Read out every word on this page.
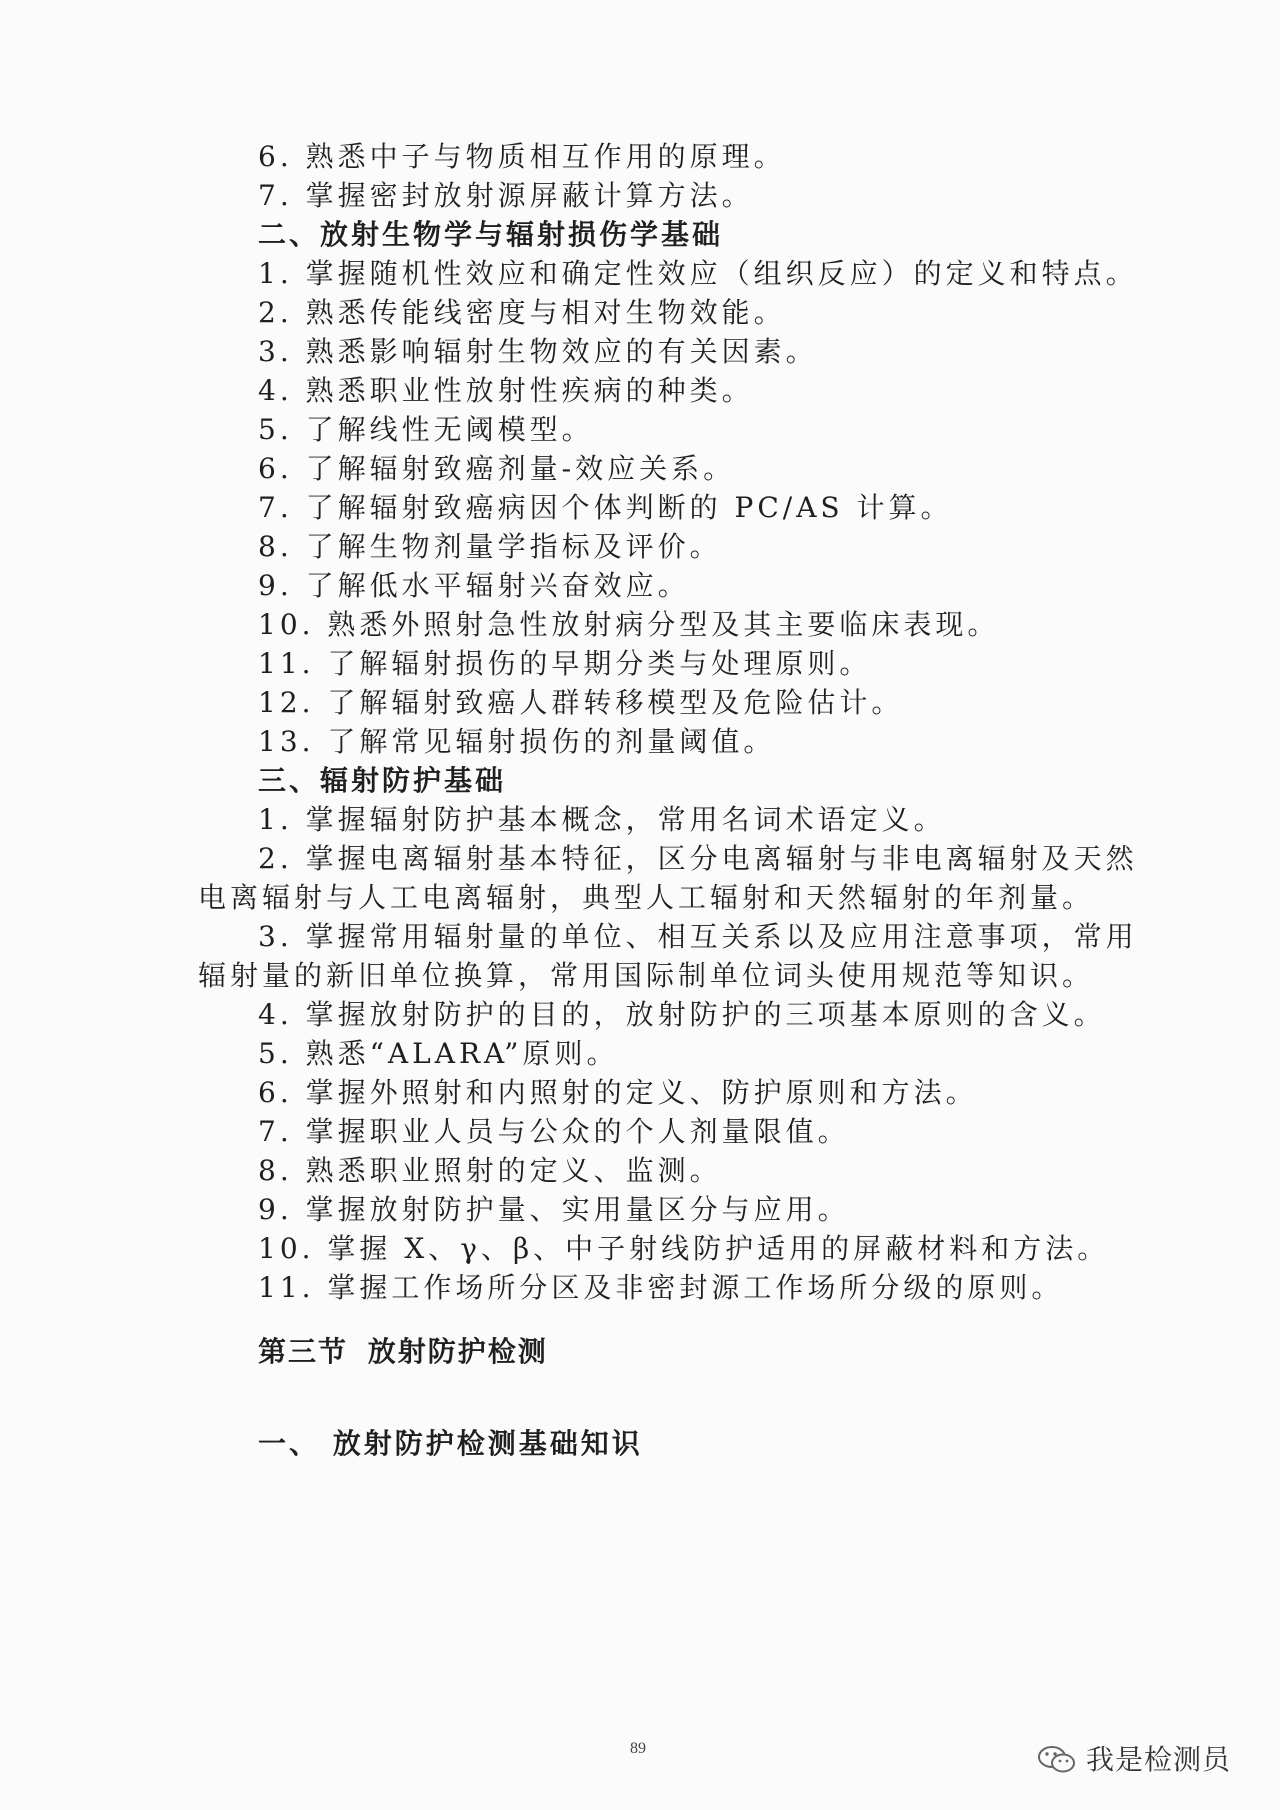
6. 熟悉中子与物质相互作用的原理。
7. 掌握密封放射源屏蔽计算方法。
二、放射生物学与辐射损伤学基础
1. 掌握随机性效应和确定性效应（组织反应）的定义和特点。
2. 熟悉传能线密度与相对生物效能。
3. 熟悉影响辐射生物效应的有关因素。
4. 熟悉职业性放射性疾病的种类。
5. 了解线性无阈模型。
6. 了解辐射致癌剂量-效应关系。
7. 了解辐射致癌病因个体判断的 PC/AS 计算。
8. 了解生物剂量学指标及评价。
9. 了解低水平辐射兴奋效应。
10. 熟悉外照射急性放射病分型及其主要临床表现。
11. 了解辐射损伤的早期分类与处理原则。
12. 了解辐射致癌人群转移模型及危险估计。
13. 了解常见辐射损伤的剂量阈值。
三、辐射防护基础
1. 掌握辐射防护基本概念，常用名词术语定义。
2. 掌握电离辐射基本特征，区分电离辐射与非电离辐射及天然
电离辐射与人工电离辐射，典型人工辐射和天然辐射的年剂量。
3. 掌握常用辐射量的单位、相互关系以及应用注意事项，常用
辐射量的新旧单位换算，常用国际制单位词头使用规范等知识。
4. 掌握放射防护的目的，放射防护的三项基本原则的含义。
5. 熟悉“ALARA”原则。
6. 掌握外照射和内照射的定义、防护原则和方法。
7. 掌握职业人员与公众的个人剂量限值。
8. 熟悉职业照射的定义、监测。
9. 掌握放射防护量、实用量区分与应用。
10. 掌握 X、γ、β、中子射线防护适用的屏蔽材料和方法。
11. 掌握工作场所分区及非密封源工作场所分级的原则。
第三节 放射防护检测
一、 放射防护检测基础知识
89	我是检测员
